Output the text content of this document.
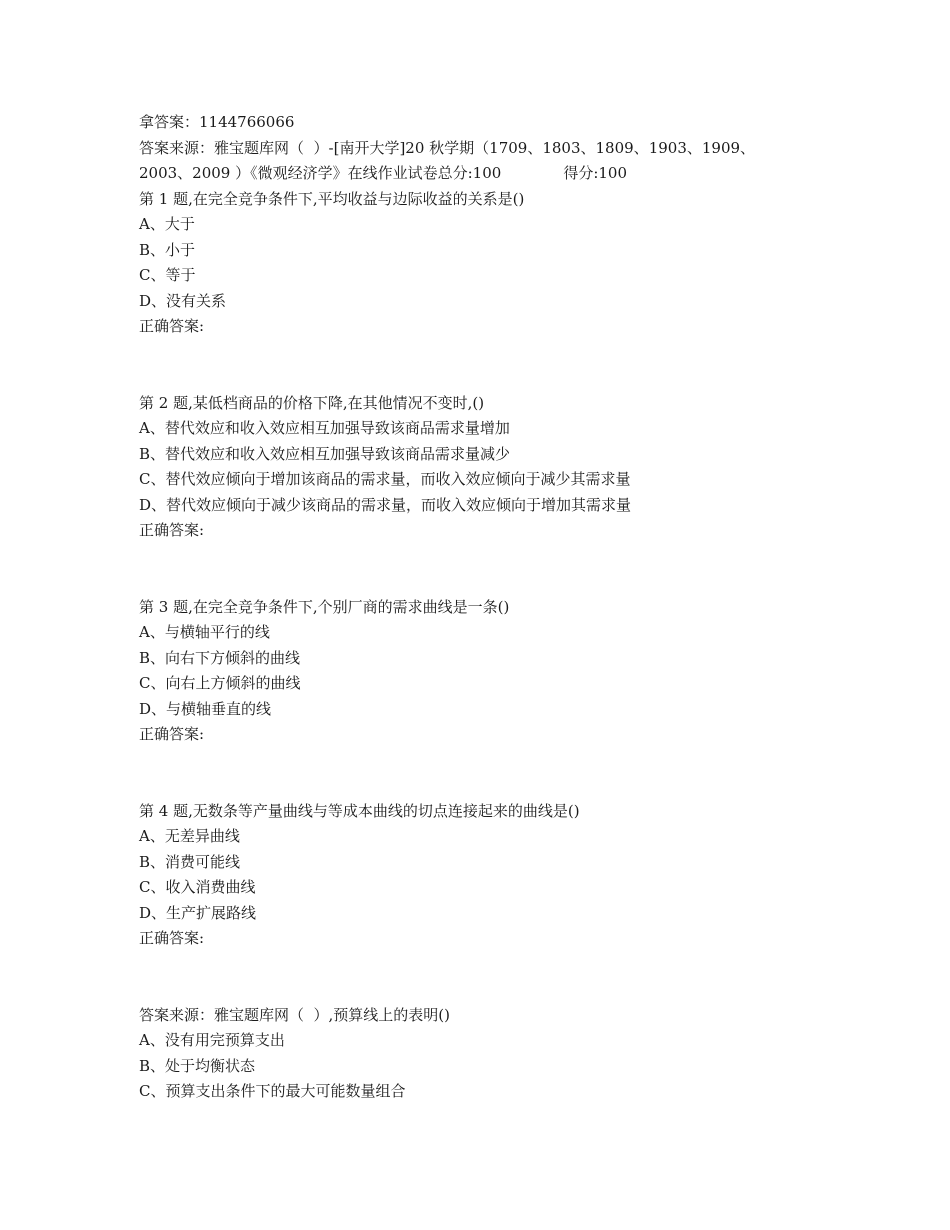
拿答案：1144766066
答案来源：雅宝题库网（  ）-[南开大学]20 秋学期（1709、1803、1809、1903、1909、
2003、2009 ）《微观经济学》在线作业试卷总分:100	得分:100
第 1 题,在完全竞争条件下,平均收益与边际收益的关系是()
A、大于
B、小于
C、等于
D、没有关系
正确答案:
第 2 题,某低档商品的价格下降,在其他情况不变时,()
A、替代效应和收入效应相互加强导致该商品需求量增加
B、替代效应和收入效应相互加强导致该商品需求量减少
C、替代效应倾向于增加该商品的需求量，而收入效应倾向于减少其需求量
D、替代效应倾向于减少该商品的需求量，而收入效应倾向于增加其需求量
正确答案:
第 3 题,在完全竞争条件下,个别厂商的需求曲线是一条()
A、与横轴平行的线
B、向右下方倾斜的曲线
C、向右上方倾斜的曲线
D、与横轴垂直的线
正确答案:
第 4 题,无数条等产量曲线与等成本曲线的切点连接起来的曲线是()
A、无差异曲线
B、消费可能线
C、收入消费曲线
D、生产扩展路线
正确答案:
答案来源：雅宝题库网（  ）,预算线上的表明()
A、没有用完预算支出
B、处于均衡状态
C、预算支出条件下的最大可能数量组合
